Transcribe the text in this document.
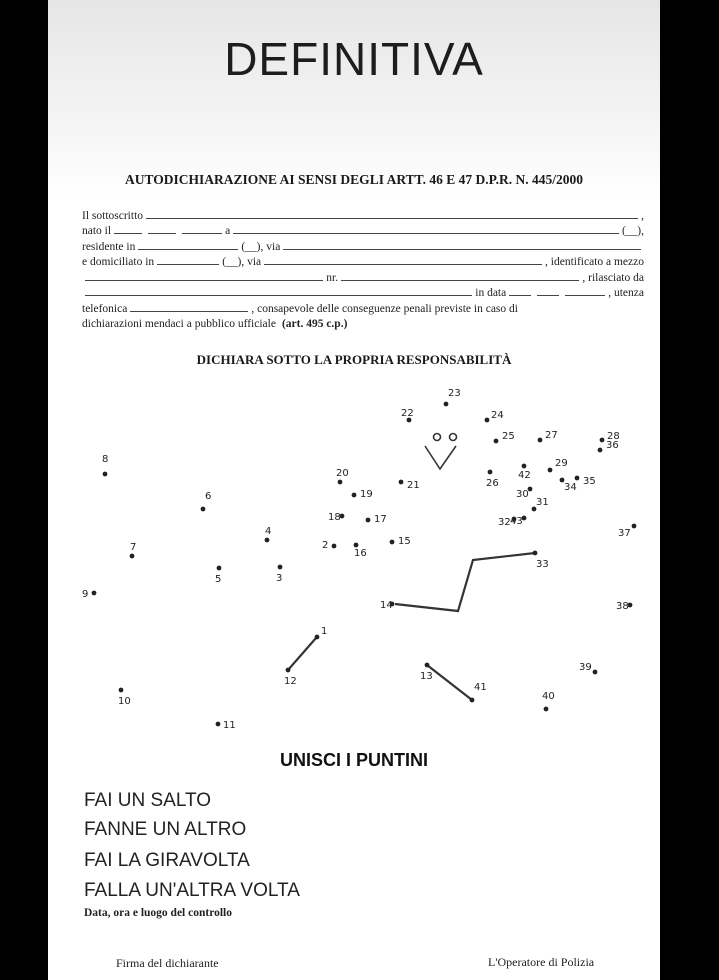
DEFINITIVA
AUTODICHIARAZIONE AI SENSI DEGLI ARTT. 46 E 47 D.P.R. N. 445/2000
Il sottoscritto	,
nato il	a	(__),
residente in	(__), via
e domiciliato in	(__), via	, identificato a mezzo
nr.	, rilasciato da
in data	, utenza
telefonica	, consapevole delle conseguenze penali previste in caso di
dichiarazioni mendaci a pubblico ufficiale (art. 495 c.p.)
DICHIARA SOTTO LA PROPRIA RESPONSABILITÀ
1
2
3
4
5
6
7
8
9
10
11
12	13
14
15
16
17
18
19
20
21
22
23
24
25
26
27	28
29
30
31
32
33
34
35
36
37
38
39
40
41
42
43
UNISCI I PUNTINI
FAI UN SALTO
FANNE UN ALTRO
FAI LA GIRAVOLTA
FALLA UN'ALTRA VOLTA
Data, ora e luogo del controllo
Firma del dichiarante	L'Operatore di Polizia
